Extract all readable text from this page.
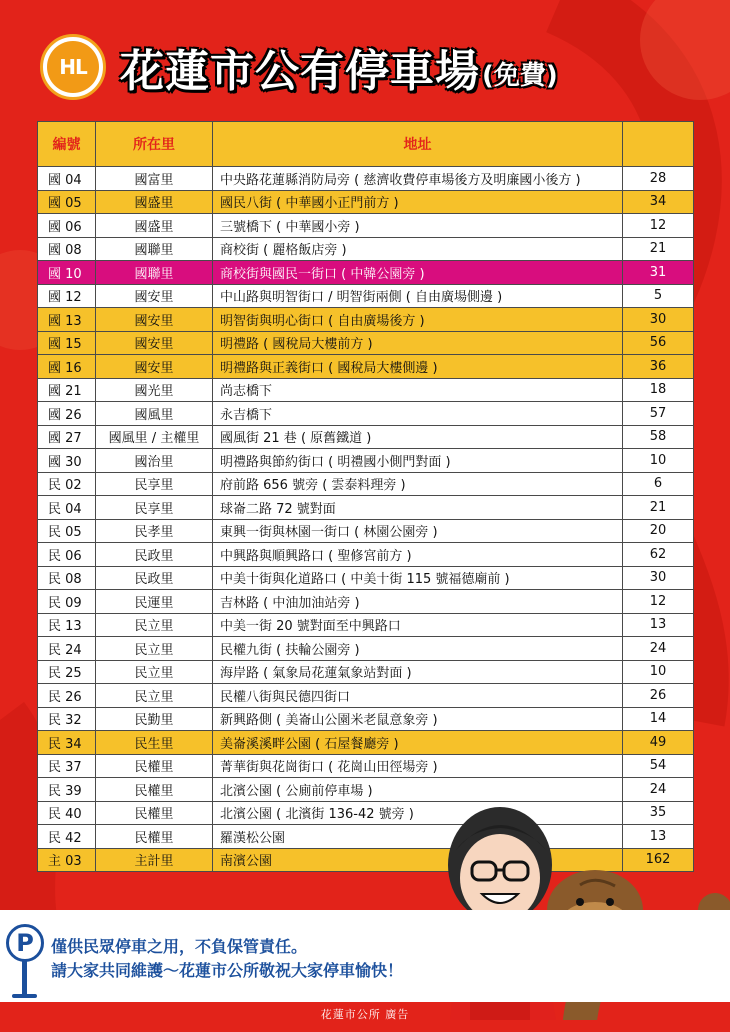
HL 花蓮市公有停車場 (免費)
編號	所在里	地址	

國 04	國富里	中央路花蓮縣消防局旁 ( 慈濟收費停車場後方及明廉國小後方 )	28
國 05	國盛里	國民八街 ( 中華國小正門前方 )	34
國 06	國盛里	三號橋下 ( 中華國小旁 )	12
國 08	國聯里	商校街 ( 麗格飯店旁 )	21
國 10	國聯里	商校街與國民一街口 ( 中韓公園旁 )	31
國 12	國安里	中山路與明智街口 / 明智街兩側 ( 自由廣場側邊 )	5
國 13	國安里	明智街與明心街口 ( 自由廣場後方 )	30
國 15	國安里	明禮路 ( 國稅局大樓前方 )	56
國 16	國安里	明禮路與正義街口 ( 國稅局大樓側邊 )	36
國 21	國光里	尚志橋下	18
國 26	國風里	永吉橋下	57
國 27	國風里 / 主權里	國風街 21 巷 ( 原舊鐵道 )	58
國 30	國治里	明禮路與節約街口 ( 明禮國小側門對面 )	10
民 02	民享里	府前路 656 號旁 ( 雲泰料理旁 )	6
民 04	民享里	球崙二路 72 號對面	21
民 05	民孝里	東興一街與林園一街口 ( 林園公園旁 )	20
民 06	民政里	中興路與順興路口 ( 聖修宮前方 )	62
民 08	民政里	中美十街與化道路口 ( 中美十街 115 號福德廟前 )	30
民 09	民運里	吉林路 ( 中油加油站旁 )	12
民 13	民立里	中美一街 20 號對面至中興路口	13
民 24	民立里	民權九街 ( 扶輪公園旁 )	24
民 25	民立里	海岸路 ( 氣象局花蓮氣象站對面 )	10
民 26	民立里	民權八街與民德四街口	26
民 32	民勤里	新興路側 ( 美崙山公園米老鼠意象旁 )	14
民 34	民生里	美崙溪溪畔公園 ( 石屋餐廳旁 )	49
民 37	民權里	菁華街與花崗街口 ( 花崗山田徑場旁 )	54
民 39	民權里	北濱公園 ( 公廁前停車場 )	24
民 40	民權里	北濱公園 ( 北濱街 136-42 號旁 )	35
民 42	民權里	羅漢松公園	13
主 03	主計里	南濱公園	162
P	僅供民眾停車之用，不負保管責任。
請大家共同維護～花蓮市公所敬祝大家停車愉快！
花蓮市公所 廣告
